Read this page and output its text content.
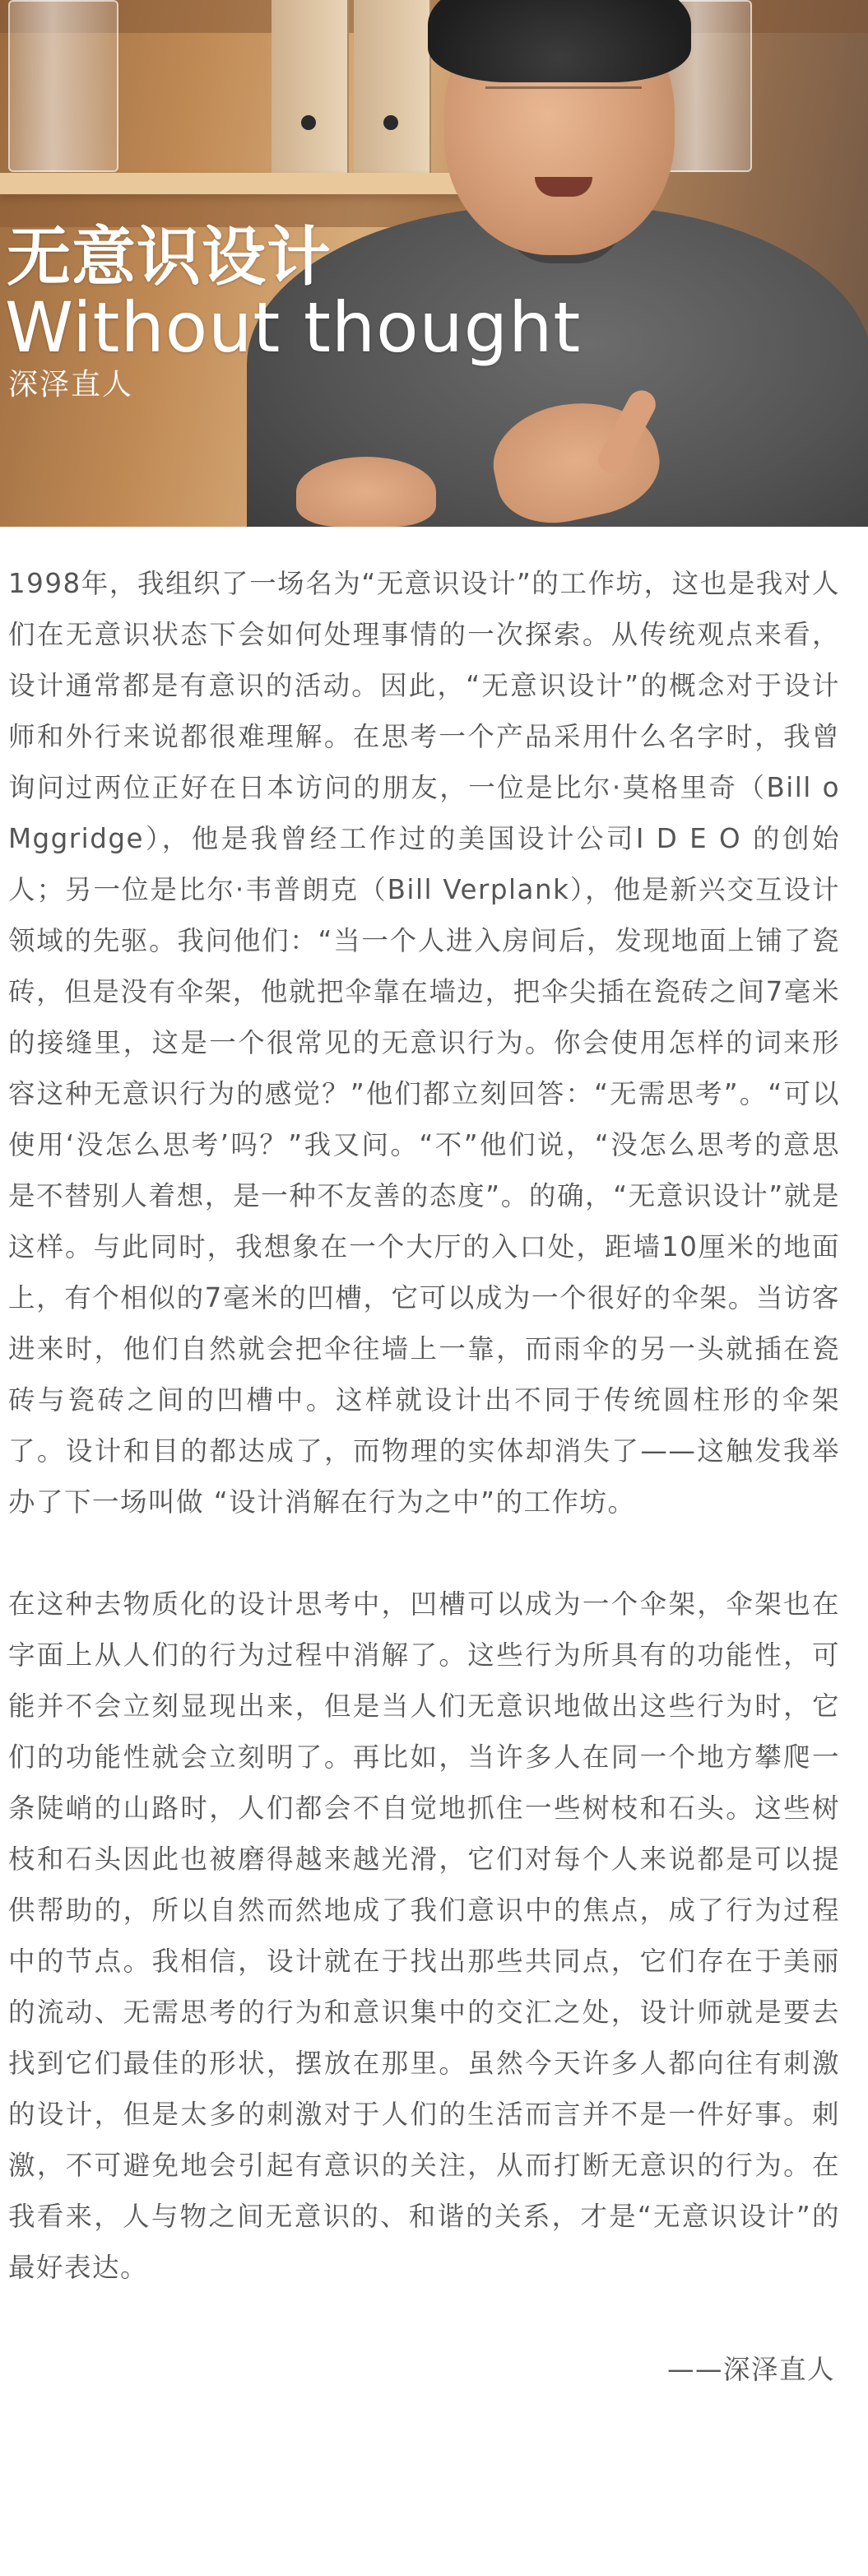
无意识设计

Without thought

深泽直人

1998年，我组织了一场名为“无意识设计”的工作坊，这也是我对人们在无意识状态下会如何处理事情的一次探索。从传统观点来看，设计通常都是有意识的活动。因此，“无意识设计”的概念对于设计师和外行来说都很难理解。在思考一个产品采用什么名字时，我曾询问过两位正好在日本访问的朋友，一位是比尔·莫格里奇（Bill o Mggridge），他是我曾经工作过的美国设计公司I D E O 的创始人；另一位是比尔·韦普朗克（Bill Verplank），他是新兴交互设计领域的先驱。我问他们：“当一个人进入房间后，发现地面上铺了瓷砖，但是没有伞架，他就把伞靠在墙边，把伞尖插在瓷砖之间7毫米的接缝里，这是一个很常见的无意识行为。你会使用怎样的词来形容这种无意识行为的感觉？”他们都立刻回答：“无需思考”。“可以使用‘没怎么思考’吗？”我又问。“不”他们说，“没怎么思考的意思是不替别人着想，是一种不友善的态度”。的确，“无意识设计”就是这样。与此同时，我想象在一个大厅的入口处，距墙10厘米的地面上，有个相似的7毫米的凹槽，它可以成为一个很好的伞架。当访客进来时，他们自然就会把伞往墙上一靠，而雨伞的另一头就插在瓷砖与瓷砖之间的凹槽中。这样就设计出不同于传统圆柱形的伞架了。设计和目的都达成了，而物理的实体却消失了——这触发我举办了下一场叫做 “设计消解在行为之中”的工作坊。

在这种去物质化的设计思考中，凹槽可以成为一个伞架，伞架也在字面上从人们的行为过程中消解了。这些行为所具有的功能性，可能并不会立刻显现出来，但是当人们无意识地做出这些行为时，它们的功能性就会立刻明了。再比如，当许多人在同一个地方攀爬一条陡峭的山路时，人们都会不自觉地抓住一些树枝和石头。这些树枝和石头因此也被磨得越来越光滑，它们对每个人来说都是可以提供帮助的，所以自然而然地成了我们意识中的焦点，成了行为过程中的节点。我相信，设计就在于找出那些共同点，它们存在于美丽的流动、无需思考的行为和意识集中的交汇之处，设计师就是要去找到它们最佳的形状，摆放在那里。虽然今天许多人都向往有刺激的设计，但是太多的刺激对于人们的生活而言并不是一件好事。刺激，不可避免地会引起有意识的关注，从而打断无意识的行为。在我看来，人与物之间无意识的、和谐的关系，才是“无意识设计”的最好表达。

——深泽直人
